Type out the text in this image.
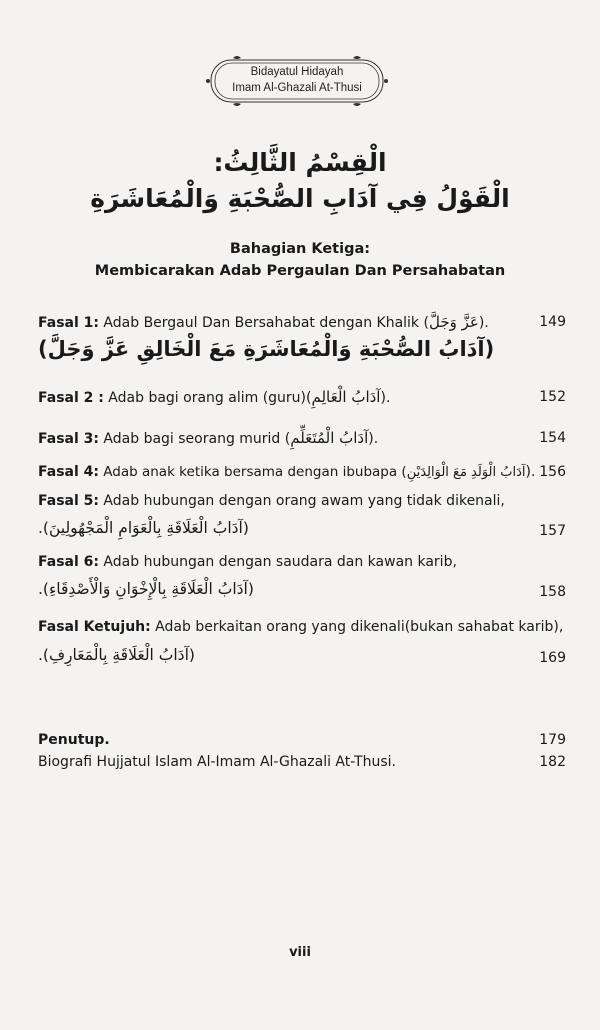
Bidayatul Hidayah
Imam Al-Ghazali At-Thusi
الْقِسْمُ الثَّالِثُ:
الْقَوْلُ فِي آدَابِ الصُّحْبَةِ وَالْمُعَاشَرَةِ
Bahagian Ketiga:
Membicarakan Adab Pergaulan Dan Persahabatan
Fasal 1: Adab Bergaul Dan Bersahabat dengan Khalik (عَزَّ وَجَلَّ).	149
(آدَابُ الصُّحْبَةِ وَالْمُعَاشَرَةِ مَعَ الْخَالِقِ عَزَّ وَجَلَّ)
Fasal 2 : Adab bagi orang alim (guru)(آدَابُ الْعَالِمِ).	152
Fasal 3: Adab bagi seorang murid (آدَابُ الْمُتَعَلِّمِ).	154
Fasal 4: Adab anak ketika bersama dengan ibubapa (آدَابُ الْوَلَدِ مَعَ الْوَالِدَيْنِ). 156
Fasal 5: Adab hubungan dengan orang awam yang tidak dikenali,
(آدَابُ الْعَلَاقَةِ بِالْعَوَامِ الْمَجْهُولِينَ).	157
Fasal 6: Adab hubungan dengan saudara dan kawan karib,
(آدَابُ الْعَلَاقَةِ بِالْإِخْوَانِ وَالْأَصْدِقَاءِ).	158
Fasal Ketujuh: Adab berkaitan orang yang dikenali(bukan sahabat karib),
(آدَابُ الْعَلَاقَةِ بِالْمَعَارِفِ).	169
Penutup.	179
Biografi Hujjatul Islam Al-Imam Al-Ghazali At-Thusi.	182
viii
